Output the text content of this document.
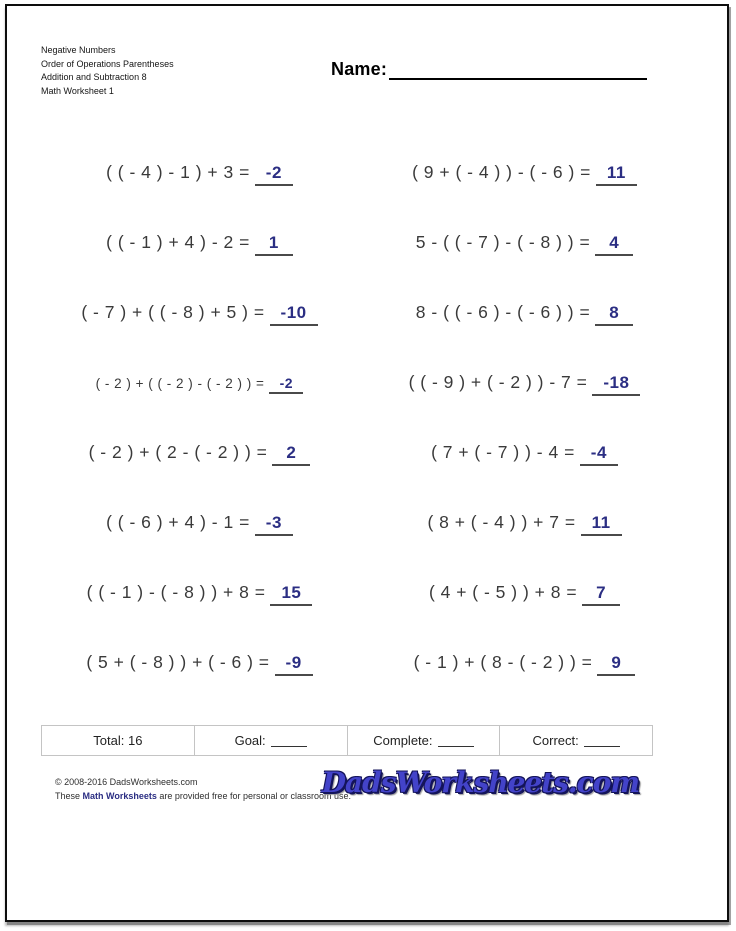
Negative Numbers
Order of Operations Parentheses
Addition and Subtraction 8
Math Worksheet 1
Name:
( ( - 4 ) - 1 ) + 3 = -2	( 9 + ( - 4 ) ) - ( - 6 ) = 11
( ( - 1 ) + 4 ) - 2 = 1	5 - ( ( - 7 ) - ( - 8 ) ) = 4
( - 7 ) + ( ( - 8 ) + 5 ) = -10	8 - ( ( - 6 ) - ( - 6 ) ) = 8
( - 2 ) + ( ( - 2 ) - ( - 2 ) ) = -2	( ( - 9 ) + ( - 2 ) ) - 7 = -18
( - 2 ) + ( 2 - ( - 2 ) ) = 2	( 7 + ( - 7 ) ) - 4 = -4
( ( - 6 ) + 4 ) - 1 = -3	( 8 + ( - 4 ) ) + 7 = 11
( ( - 1 ) - ( - 8 ) ) + 8 = 15	( 4 + ( - 5 ) ) + 8 = 7
( 5 + ( - 8 ) ) + ( - 6 ) = -9	( - 1 ) + ( 8 - ( - 2 ) ) = 9
Total: 16	Goal:	Complete:	Correct:
© 2008-2016 DadsWorksheets.com
These Math Worksheets are provided free for personal or classroom use.
DadsWorksheets.com
